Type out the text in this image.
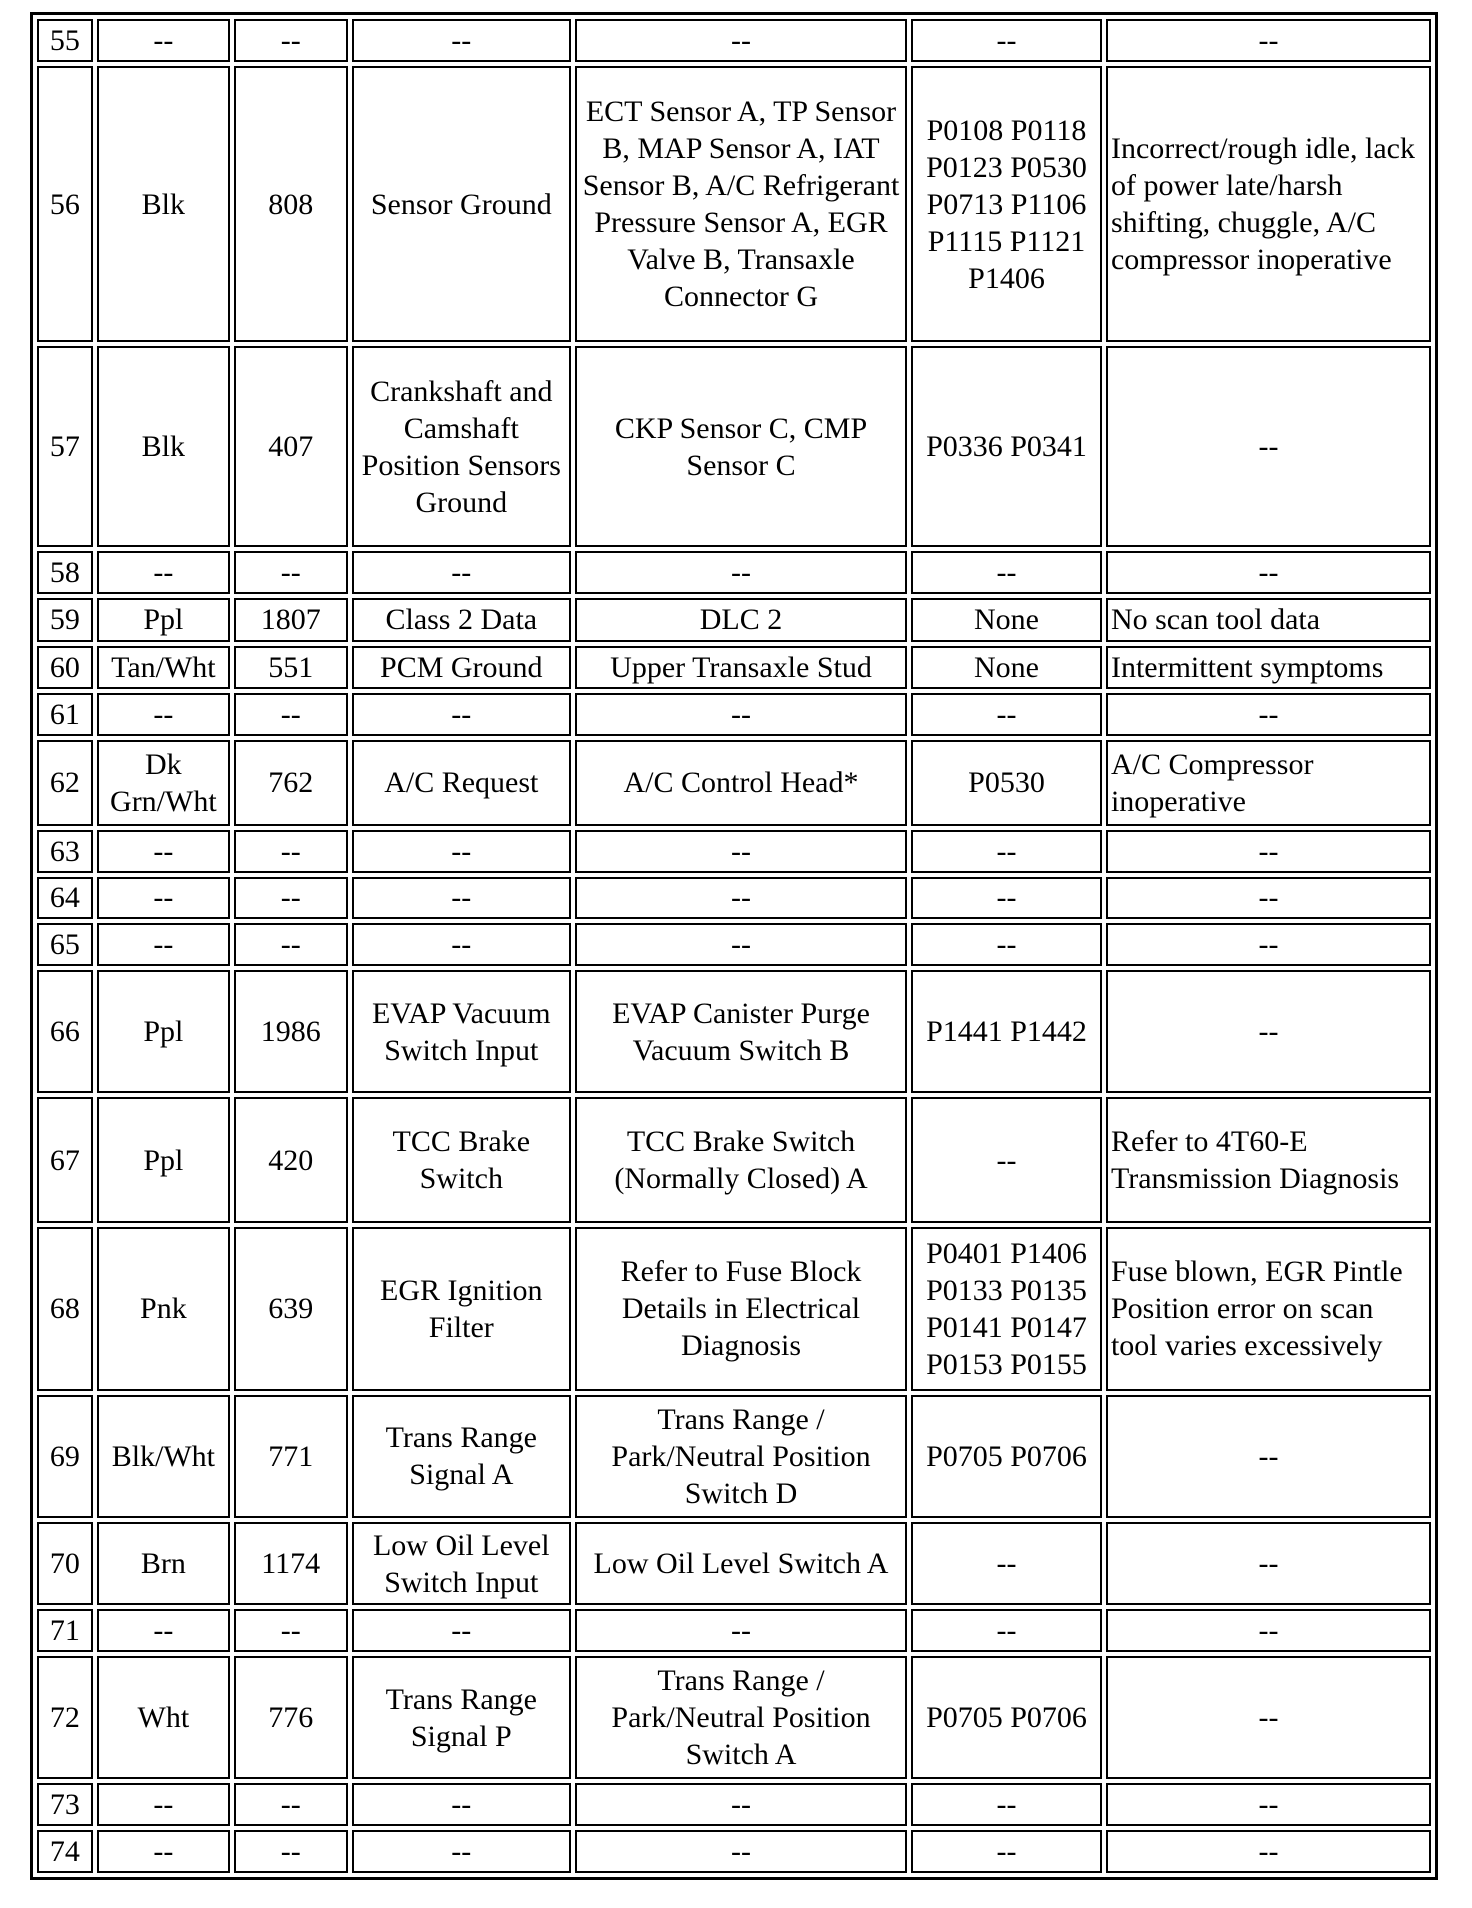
55	--	--	--	--	--	--
56	Blk	808	Sensor Ground	ECT Sensor A, TP Sensor B, MAP Sensor A, IAT Sensor B, A/C Refrigerant Pressure Sensor A, EGR Valve B, Transaxle Connector G	P0108 P0118 P0123 P0530 P0713 P1106 P1115 P1121 P1406	Incorrect/rough idle, lack of power late/harsh shifting, chuggle, A/C compressor inoperative
57	Blk	407	Crankshaft and Camshaft Position Sensors Ground	CKP Sensor C, CMP Sensor C	P0336 P0341	--
58	--	--	--	--	--	--
59	Ppl	1807	Class 2 Data	DLC 2	None	No scan tool data
60	Tan/Wht	551	PCM Ground	Upper Transaxle Stud	None	Intermittent symptoms
61	--	--	--	--	--	--
62	Dk Grn/Wht	762	A/C Request	A/C Control Head*	P0530	A/C Compressor inoperative
63	--	--	--	--	--	--
64	--	--	--	--	--	--
65	--	--	--	--	--	--
66	Ppl	1986	EVAP Vacuum Switch Input	EVAP Canister Purge Vacuum Switch B	P1441 P1442	--
67	Ppl	420	TCC Brake Switch	TCC Brake Switch (Normally Closed) A	--	Refer to 4T60-E Transmission Diagnosis
68	Pnk	639	EGR Ignition Filter	Refer to Fuse Block Details in Electrical Diagnosis	P0401 P1406 P0133 P0135 P0141 P0147 P0153 P0155	Fuse blown, EGR Pintle Position error on scan tool varies excessively
69	Blk/Wht	771	Trans Range Signal A	Trans Range / Park/Neutral Position Switch D	P0705 P0706	--
70	Brn	1174	Low Oil Level Switch Input	Low Oil Level Switch A	--	--
71	--	--	--	--	--	--
72	Wht	776	Trans Range Signal P	Trans Range / Park/Neutral Position Switch A	P0705 P0706	--
73	--	--	--	--	--	--
74	--	--	--	--	--	--
